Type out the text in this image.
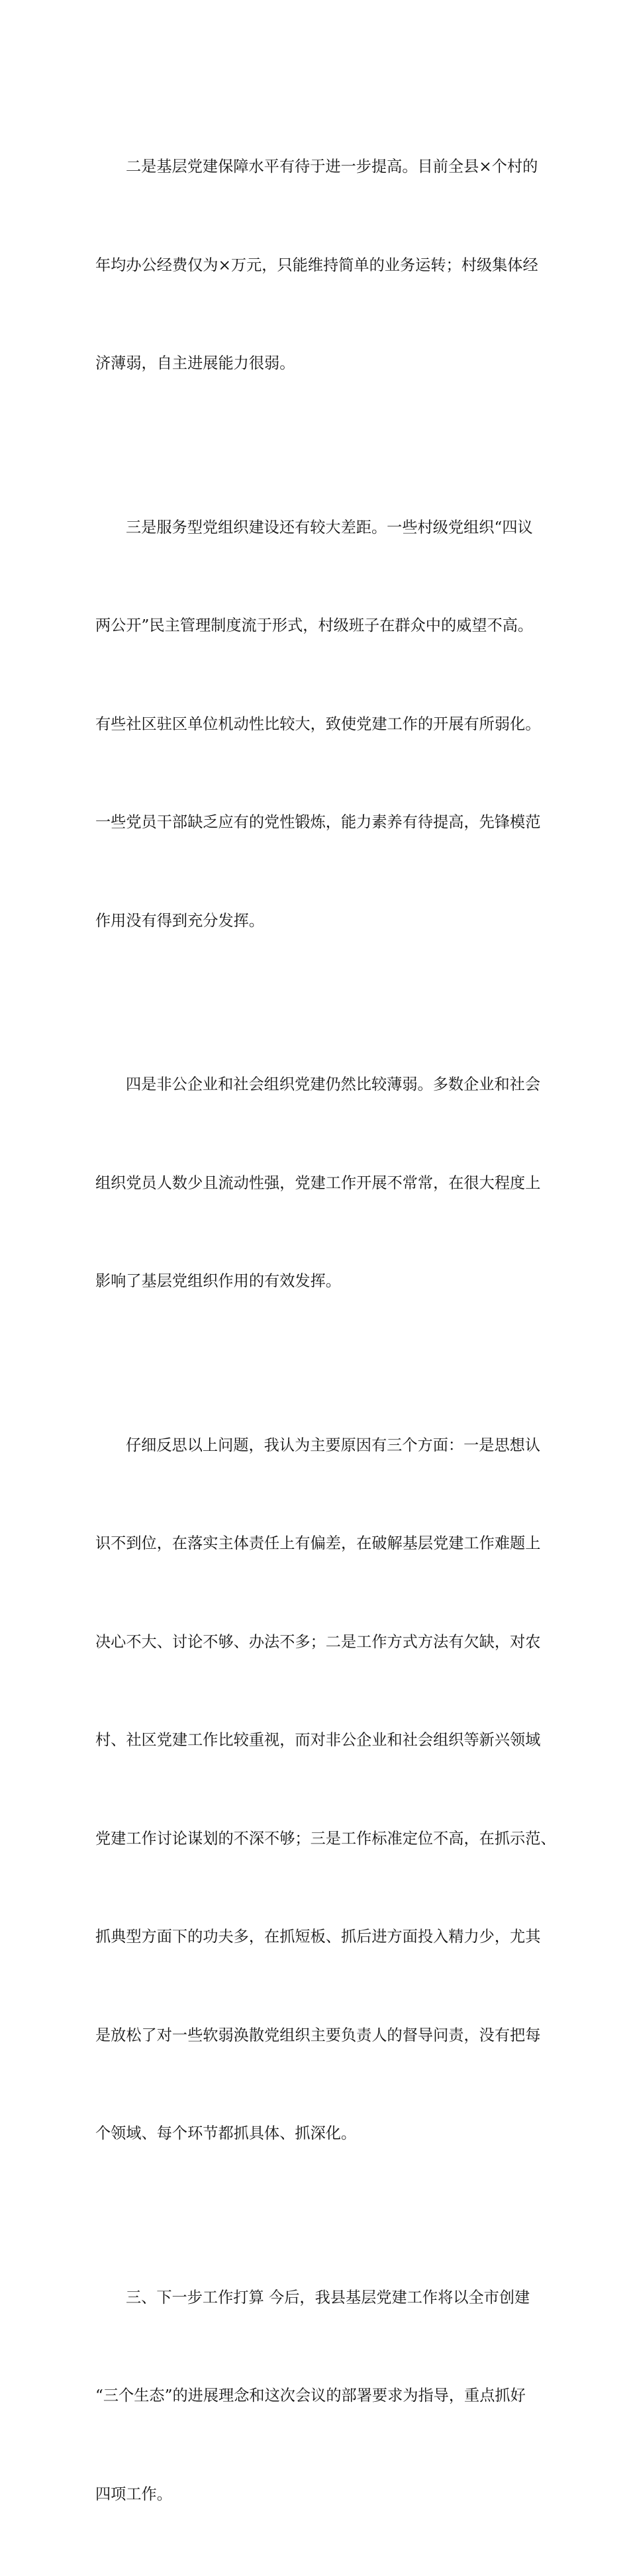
二是基层党建保障水平有待于进一步提高。目前全县×个村的

年均办公经费仅为×万元，只能维持简单的业务运转；村级集体经

济薄弱，自主进展能力很弱。

三是服务型党组织建设还有较大差距。一些村级党组织“四议

两公开”民主管理制度流于形式，村级班子在群众中的威望不高。

有些社区驻区单位机动性比较大，致使党建工作的开展有所弱化。

一些党员干部缺乏应有的党性锻炼，能力素养有待提高，先锋模范

作用没有得到充分发挥。

四是非公企业和社会组织党建仍然比较薄弱。多数企业和社会

组织党员人数少且流动性强，党建工作开展不常常，在很大程度上

影响了基层党组织作用的有效发挥。

仔细反思以上问题，我认为主要原因有三个方面：一是思想认

识不到位，在落实主体责任上有偏差，在破解基层党建工作难题上

决心不大、讨论不够、办法不多；二是工作方式方法有欠缺，对农

村、社区党建工作比较重视，而对非公企业和社会组织等新兴领域

党建工作讨论谋划的不深不够；三是工作标准定位不高，在抓示范、

抓典型方面下的功夫多，在抓短板、抓后进方面投入精力少，尤其

是放松了对一些软弱涣散党组织主要负责人的督导问责，没有把每

个领域、每个环节都抓具体、抓深化。

三、下一步工作打算 今后，我县基层党建工作将以全市创建

“三个生态”的进展理念和这次会议的部署要求为指导，重点抓好

四项工作。
